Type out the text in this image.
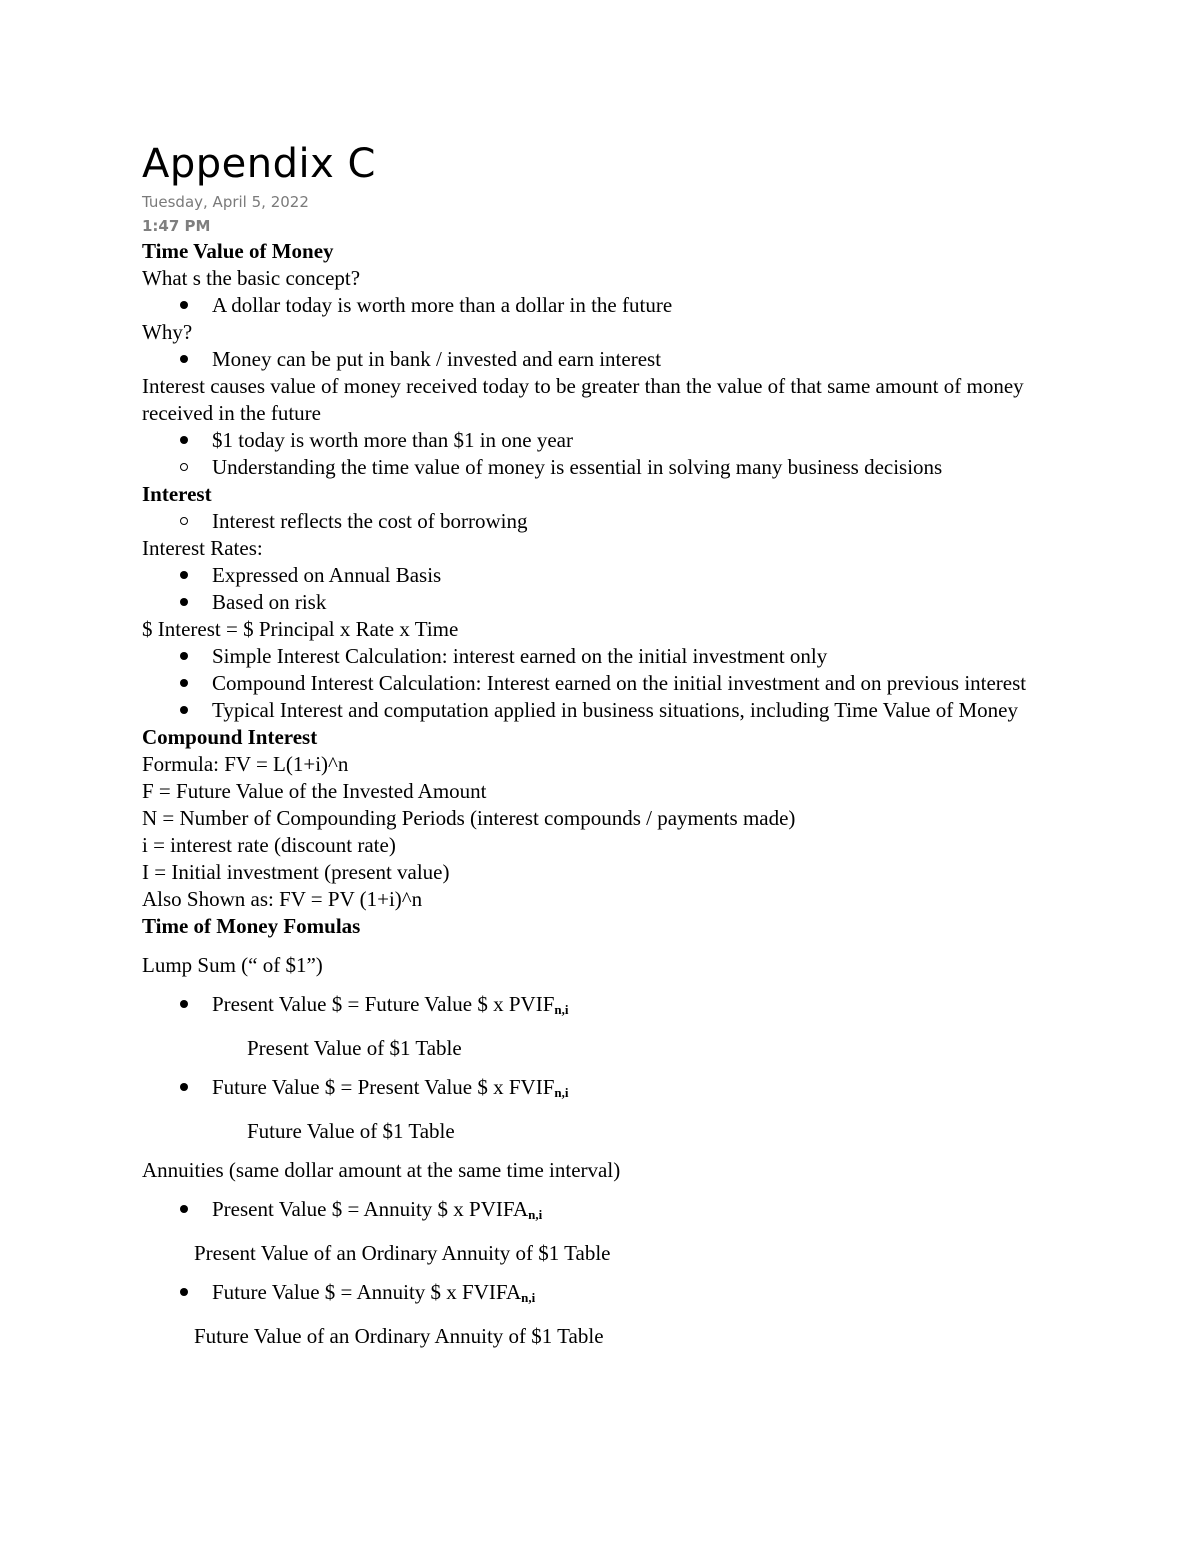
Appendix C
Tuesday, April 5, 2022
1:47 PM
Time Value of Money
What s the basic concept?
A dollar today is worth more than a dollar in the future
Why?
Money can be put in bank / invested and earn interest
Interest causes value of money received today to be greater than the value of that same amount of money received in the future
$1 today is worth more than $1 in one year
Understanding the time value of money is essential in solving many business decisions
Interest
Interest reflects the cost of borrowing
Interest Rates:
Expressed on Annual Basis
Based on risk
$ Interest = $ Principal x Rate x Time
Simple Interest Calculation: interest earned on the initial investment only
Compound Interest Calculation: Interest earned on the initial investment and on previous interest
Typical Interest and computation applied in business situations, including Time Value of Money
Compound Interest
Formula: FV = L(1+i)^n
F = Future Value of the Invested Amount
N = Number of Compounding Periods (interest compounds / payments made)
i = interest rate (discount rate)
I = Initial investment (present value)
Also Shown as: FV = PV (1+i)^n
Time of Money Fomulas
Lump Sum (“ of $1”)
Present Value $ = Future Value $ x $PVIF_{n,i}$
Present Value of $1 Table
Future Value $ = Present Value $ x $FVIF_{n,i}$
Future Value of $1 Table
Annuities (same dollar amount at the same time interval)
Present Value $ = Annuity $ x $PVIFA_{n,i}$
Present Value of an Ordinary Annuity of $1 Table
Future Value $ = Annuity $ x $FVIFA_{n,i}$
Future Value of an Ordinary Annuity of $1 Table
